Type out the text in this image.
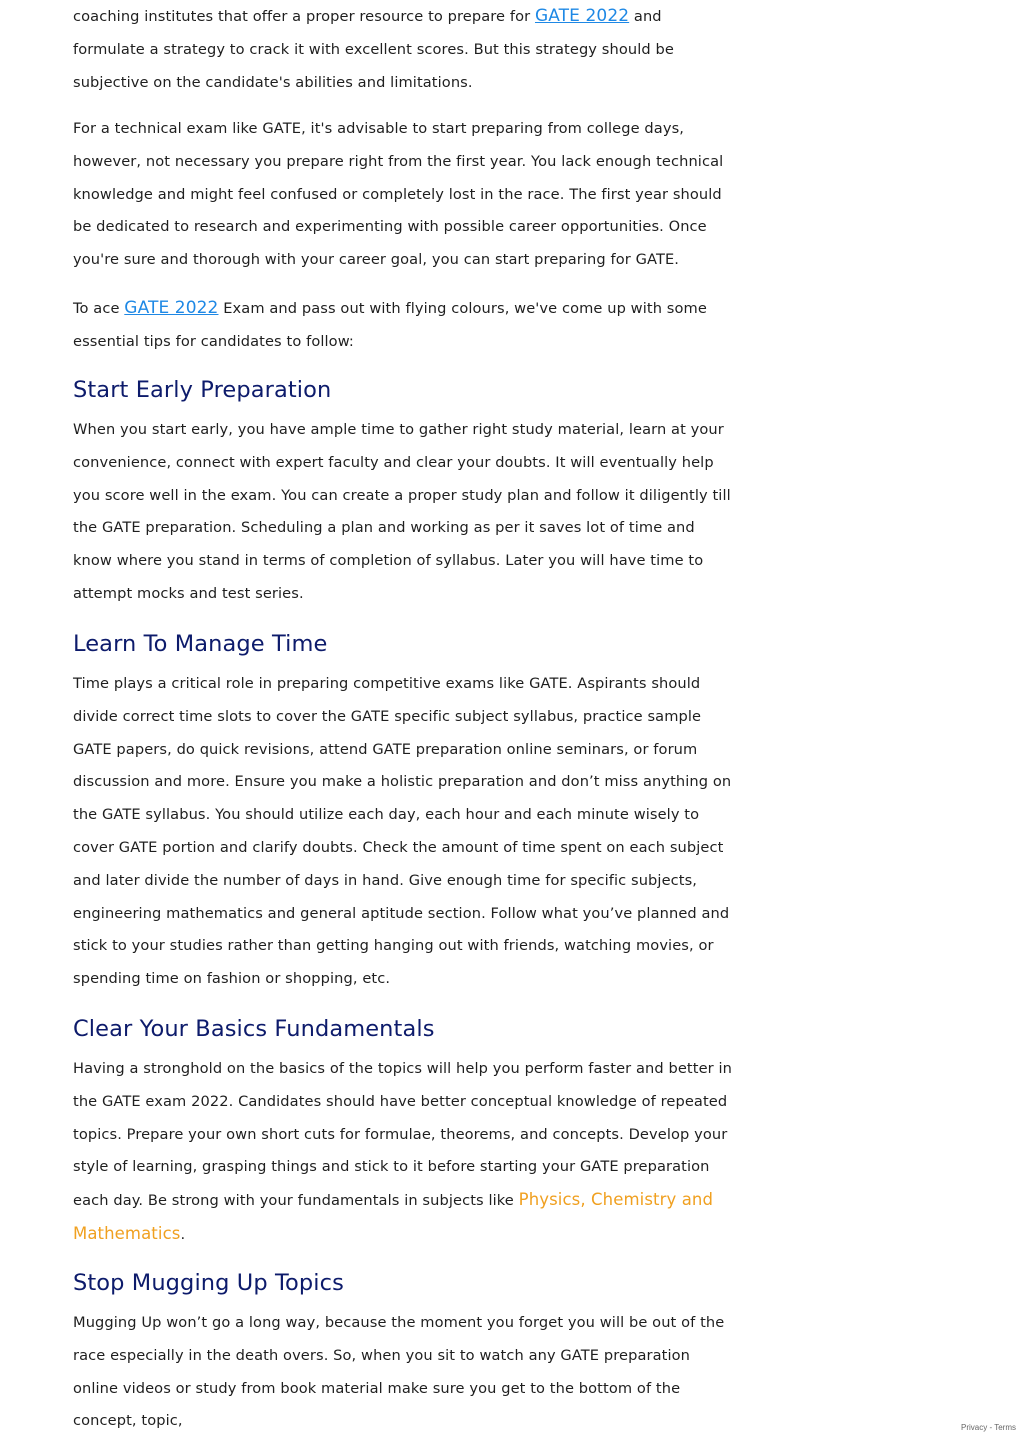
coaching institutes that offer a proper resource to prepare for GATE 2022 and formulate a strategy to crack it with excellent scores. But this strategy should be subjective on the candidate's abilities and limitations.

For a technical exam like GATE, it's advisable to start preparing from college days, however, not necessary you prepare right from the first year. You lack enough technical knowledge and might feel confused or completely lost in the race. The first year should be dedicated to research and experimenting with possible career opportunities. Once you're sure and thorough with your career goal, you can start preparing for GATE.

To ace GATE 2022 Exam and pass out with flying colours, we've come up with some essential tips for candidates to follow:

Start Early Preparation

When you start early, you have ample time to gather right study material, learn at your convenience, connect with expert faculty and clear your doubts. It will eventually help you score well in the exam. You can create a proper study plan and follow it diligently till the GATE preparation. Scheduling a plan and working as per it saves lot of time and know where you stand in terms of completion of syllabus. Later you will have time to attempt mocks and test series.

Learn To Manage Time

Time plays a critical role in preparing competitive exams like GATE. Aspirants should divide correct time slots to cover the GATE specific subject syllabus, practice sample GATE papers, do quick revisions, attend GATE preparation online seminars, or forum discussion and more. Ensure you make a holistic preparation and don’t miss anything on the GATE syllabus. You should utilize each day, each hour and each minute wisely to cover GATE portion and clarify doubts. Check the amount of time spent on each subject and later divide the number of days in hand. Give enough time for specific subjects, engineering mathematics and general aptitude section. Follow what you’ve planned and stick to your studies rather than getting hanging out with friends, watching movies, or spending time on fashion or shopping, etc.

Clear Your Basics Fundamentals

Having a stronghold on the basics of the topics will help you perform faster and better in the GATE exam 2022. Candidates should have better conceptual knowledge of repeated topics. Prepare your own short cuts for formulae, theorems, and concepts. Develop your style of learning, grasping things and stick to it before starting your GATE preparation each day. Be strong with your fundamentals in subjects like Physics, Chemistry and Mathematics.

Stop Mugging Up Topics

Mugging Up won’t go a long way, because the moment you forget you will be out of the race especially in the death overs. So, when you sit to watch any GATE preparation online videos or study from book material make sure you get to the bottom of the concept, topic,	Privacy - Terms
